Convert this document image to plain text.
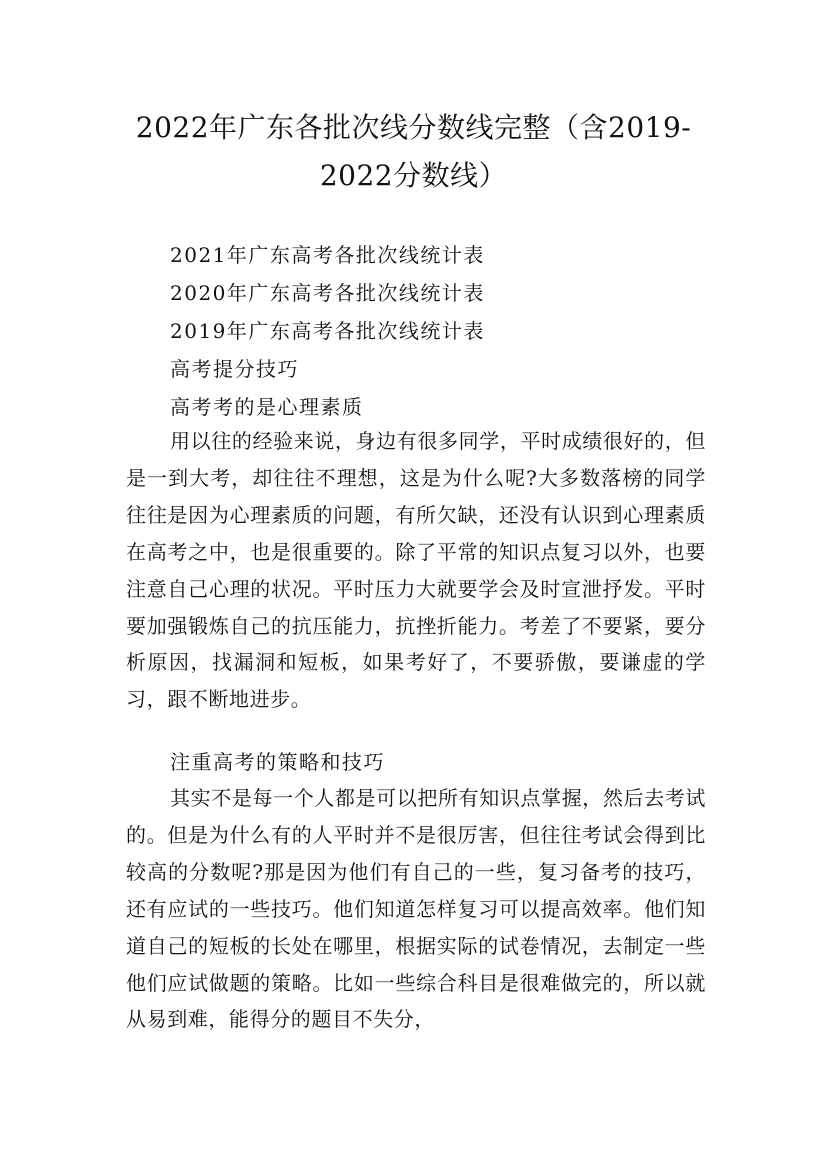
2022年广东各批次线分数线完整（含2019-2022分数线）
2021年广东高考各批次线统计表
2020年广东高考各批次线统计表
2019年广东高考各批次线统计表
高考提分技巧
高考考的是心理素质

用以往的经验来说，身边有很多同学，平时成绩很好的，但是一到大考，却往往不理想，这是为什么呢?大多数落榜的同学往往是因为心理素质的问题，有所欠缺，还没有认识到心理素质在高考之中，也是很重要的。除了平常的知识点复习以外，也要注意自己心理的状况。平时压力大就要学会及时宣泄抒发。平时要加强锻炼自己的抗压能力，抗挫折能力。考差了不要紧，要分析原因，找漏洞和短板，如果考好了，不要骄傲，要谦虚的学习，跟不断地进步。

注重高考的策略和技巧

其实不是每一个人都是可以把所有知识点掌握，然后去考试的。但是为什么有的人平时并不是很厉害，但往往考试会得到比较高的分数呢?那是因为他们有自己的一些，复习备考的技巧，还有应试的一些技巧。他们知道怎样复习可以提高效率。他们知道自己的短板的长处在哪里，根据实际的试卷情况，去制定一些他们应试做题的策略。比如一些综合科目是很难做完的，所以就从易到难，能得分的题目不失分，
